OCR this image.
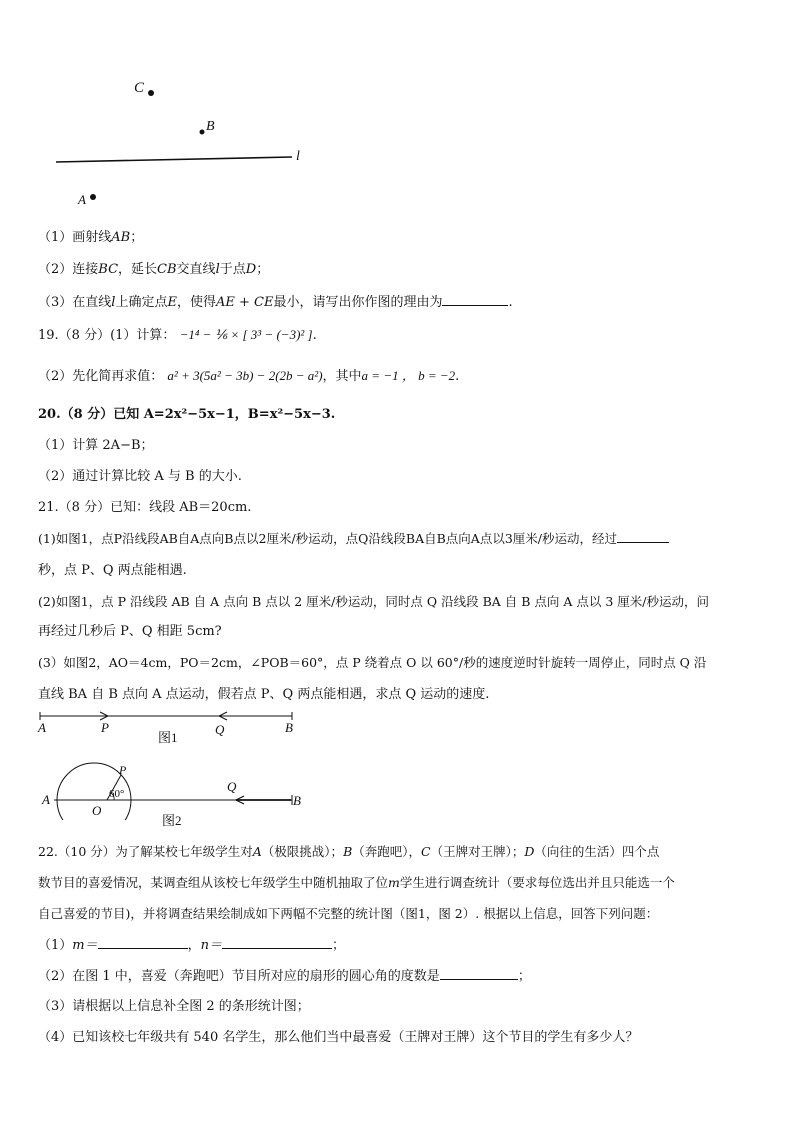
C
B
l
A
（1）画射线AB；
（2）连接BC，延长CB交直线l于点D；
（3）在直线l上确定点E，使得AE + CE最小，请写出你作图的理由为	.
19.（8 分）(1）计算： −1⁴ − ⅙ × [ 3³ − (−3)² ].
（2）先化简再求值： a² + 3(5a² − 3b) − 2(2b − a²)，其中a = −1 ， b = −2.
20.（8 分）已知 A=2x²−5x−1，B=x²−5x−3.
（1）计算 2A−B；
（2）通过计算比较 A 与 B 的大小.
21.（8 分）已知：线段 AB＝20cm.
(1)如图1，点P沿线段AB自A点向B点以2厘米/秒运动，点Q沿线段BA自B点向A点以3厘米/秒运动，经过
秒，点 P、Q 两点能相遇.
(2)如图1，点 P 沿线段 AB 自 A 点向 B 点以 2 厘米/秒运动，同时点 Q 沿线段 BA 自 B 点向 A 点以 3 厘米/秒运动，问
再经过几秒后 P、Q 相距 5cm?
(3）如图2，AO＝4cm，PO＝2cm，∠POB＝60°，点 P 绕着点 O 以 60°/秒的速度逆时针旋转一周停止，同时点 Q 沿
直线 BA 自 B 点向 A 点运动，假若点 P、Q 两点能相遇，求点 Q 运动的速度.
A	P	Q	B
图1
A
O
P
60°	Q
B
图2
22.（10 分）为了解某校七年级学生对A（极限挑战）；B（奔跑吧），C（王牌对王牌）；D（向往的生活）四个点
数节目的喜爱情况，某调查组从该校七年级学生中随机抽取了位m学生进行调查统计（要求每位选出并且只能选一个
自己喜爱的节目)，并将调查结果绘制成如下两幅不完整的统计图（图1，图 2）. 根据以上信息，回答下列问题：
（1）m＝	，n＝	；
（2）在图 1 中，喜爱（奔跑吧）节目所对应的扇形的圆心角的度数是	；
（3）请根据以上信息补全图 2 的条形统计图；
（4）已知该校七年级共有 540 名学生，那么他们当中最喜爱（王牌对王牌）这个节目的学生有多少人？
